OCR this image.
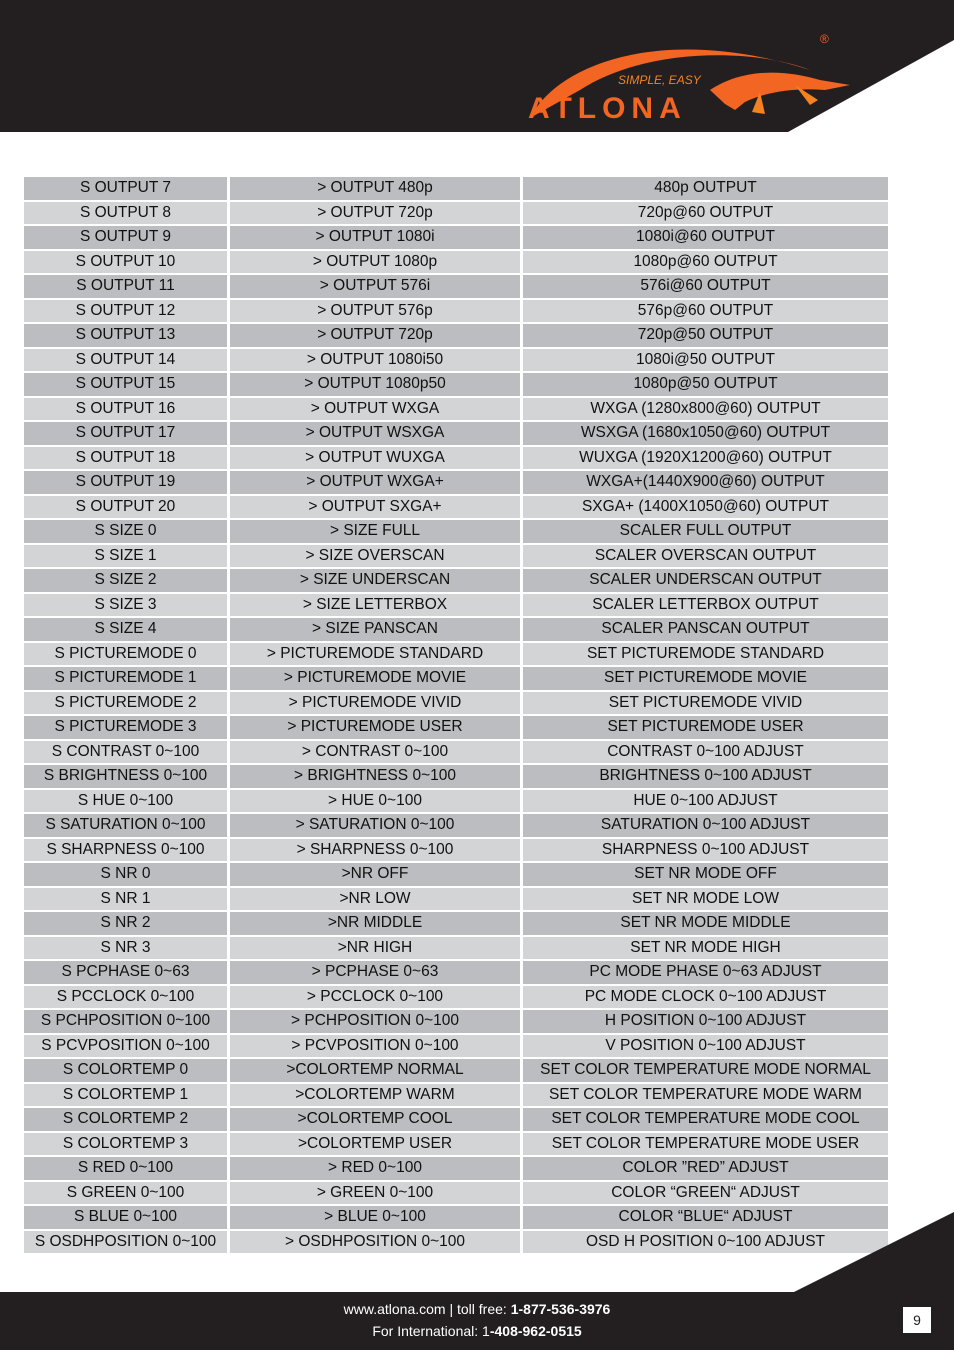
®
SIMPLE, EASY
ATLONA
S OUTPUT 7	> OUTPUT 480p	480p OUTPUT
S OUTPUT 8	> OUTPUT 720p	720p@60 OUTPUT
S OUTPUT 9	> OUTPUT 1080i	1080i@60 OUTPUT
S OUTPUT 10	> OUTPUT 1080p	1080p@60 OUTPUT
S OUTPUT 11	> OUTPUT 576i	576i@60 OUTPUT
S OUTPUT 12	> OUTPUT 576p	576p@60 OUTPUT
S OUTPUT 13	> OUTPUT 720p	720p@50 OUTPUT
S OUTPUT 14	> OUTPUT 1080i50	1080i@50 OUTPUT
S OUTPUT 15	> OUTPUT 1080p50	1080p@50 OUTPUT
S OUTPUT 16	> OUTPUT WXGA	WXGA (1280x800@60) OUTPUT
S OUTPUT 17	> OUTPUT WSXGA	WSXGA (1680x1050@60) OUTPUT
S OUTPUT 18	> OUTPUT WUXGA	WUXGA (1920X1200@60) OUTPUT
S OUTPUT 19	> OUTPUT WXGA+	WXGA+(1440X900@60) OUTPUT
S OUTPUT 20	> OUTPUT SXGA+	SXGA+ (1400X1050@60) OUTPUT
S SIZE 0	> SIZE FULL	SCALER FULL OUTPUT
S SIZE 1	> SIZE OVERSCAN	SCALER OVERSCAN OUTPUT
S SIZE 2	> SIZE UNDERSCAN	SCALER UNDERSCAN OUTPUT
S SIZE 3	> SIZE LETTERBOX	SCALER LETTERBOX OUTPUT
S SIZE 4	> SIZE PANSCAN	SCALER PANSCAN OUTPUT
S PICTUREMODE 0	> PICTUREMODE STANDARD	SET PICTUREMODE STANDARD
S PICTUREMODE 1	> PICTUREMODE MOVIE	SET PICTUREMODE MOVIE
S PICTUREMODE 2	> PICTUREMODE VIVID	SET PICTUREMODE VIVID
S PICTUREMODE 3	> PICTUREMODE USER	SET PICTUREMODE USER
S CONTRAST 0~100	> CONTRAST 0~100	CONTRAST 0~100 ADJUST
S BRIGHTNESS 0~100	> BRIGHTNESS 0~100	BRIGHTNESS 0~100 ADJUST
S HUE 0~100	> HUE 0~100	HUE 0~100 ADJUST
S SATURATION 0~100	> SATURATION 0~100	SATURATION 0~100 ADJUST
S SHARPNESS 0~100	> SHARPNESS 0~100	SHARPNESS 0~100 ADJUST
S NR 0	>NR OFF	SET NR MODE OFF
S NR 1	>NR LOW	SET NR MODE LOW
S NR 2	>NR MIDDLE	SET NR MODE MIDDLE
S NR 3	>NR HIGH	SET NR MODE HIGH
S PCPHASE 0~63	> PCPHASE 0~63	PC MODE PHASE 0~63 ADJUST
S PCCLOCK 0~100	> PCCLOCK 0~100	PC MODE CLOCK 0~100 ADJUST
S PCHPOSITION 0~100	> PCHPOSITION 0~100	H POSITION 0~100 ADJUST
S PCVPOSITION 0~100	> PCVPOSITION 0~100	V POSITION 0~100 ADJUST
S COLORTEMP 0	>COLORTEMP NORMAL	SET COLOR TEMPERATURE MODE NORMAL
S COLORTEMP 1	>COLORTEMP WARM	SET COLOR TEMPERATURE MODE WARM
S COLORTEMP 2	>COLORTEMP COOL	SET COLOR TEMPERATURE MODE COOL
S COLORTEMP 3	>COLORTEMP USER	SET COLOR TEMPERATURE MODE USER
S RED 0~100	> RED 0~100	COLOR ”RED” ADJUST
S GREEN 0~100	> GREEN 0~100	COLOR “GREEN“ ADJUST
S BLUE 0~100	> BLUE 0~100	COLOR “BLUE“ ADJUST
S OSDHPOSITION 0~100	> OSDHPOSITION 0~100	OSD H POSITION 0~100 ADJUST
www.atlona.com | toll free: 1-877-536-3976
For International: 1-408-962-0515
9
